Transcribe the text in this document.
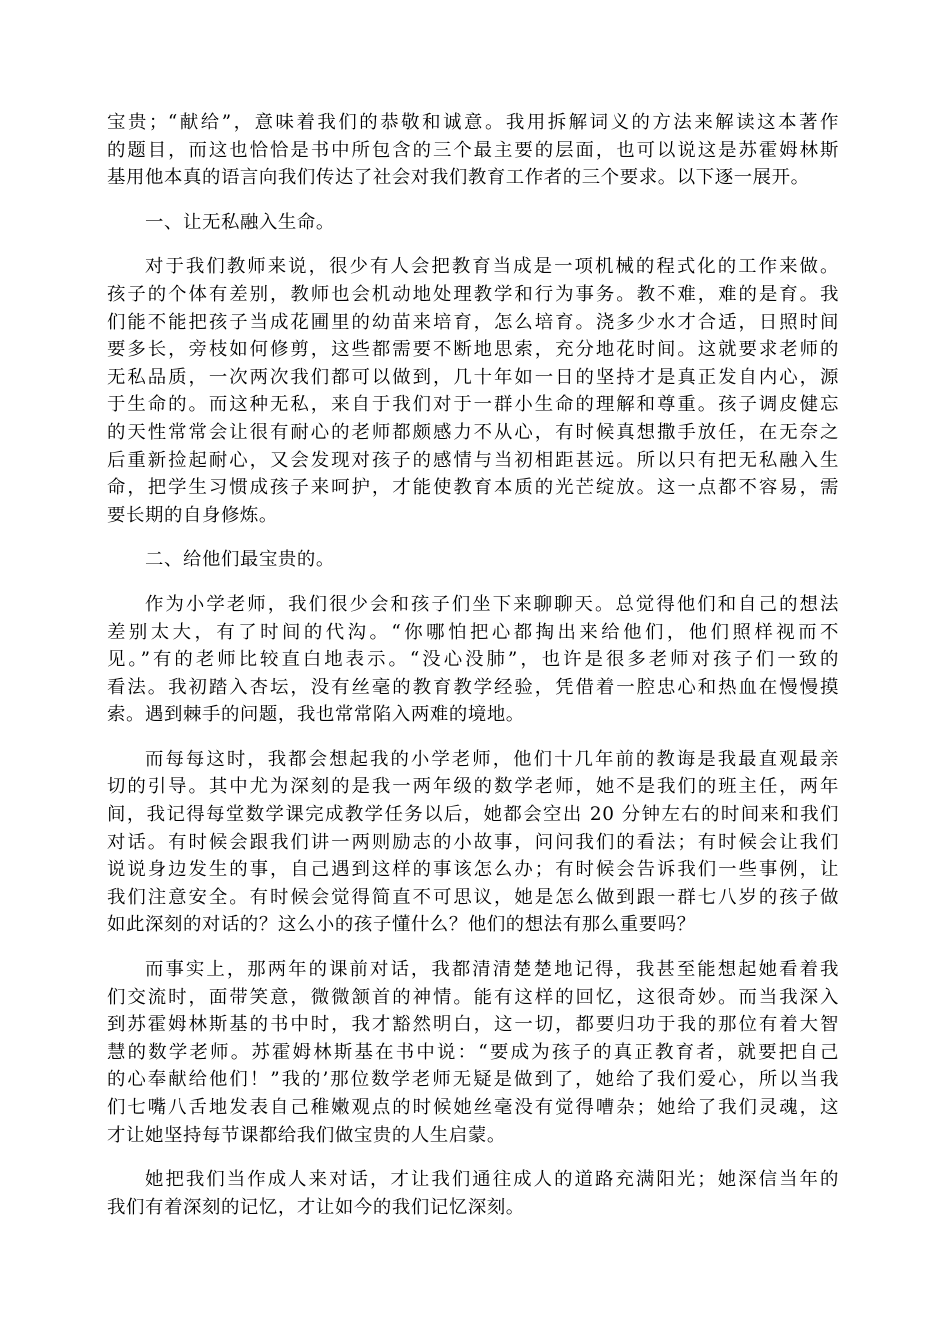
宝贵；“献给”，意味着我们的恭敬和诚意。我用拆解词义的方法来解读这本著作
的题目，而这也恰恰是书中所包含的三个最主要的层面，也可以说这是苏霍姆林斯
基用他本真的语言向我们传达了社会对我们教育工作者的三个要求。以下逐一展开。
一、让无私融入生命。
对于我们教师来说，很少有人会把教育当成是一项机械的程式化的工作来做。
孩子的个体有差别，教师也会机动地处理教学和行为事务。教不难，难的是育。我
们能不能把孩子当成花圃里的幼苗来培育，怎么培育。浇多少水才合适，日照时间
要多长，旁枝如何修剪，这些都需要不断地思索，充分地花时间。这就要求老师的
无私品质，一次两次我们都可以做到，几十年如一日的坚持才是真正发自内心，源
于生命的。而这种无私，来自于我们对于一群小生命的理解和尊重。孩子调皮健忘
的天性常常会让很有耐心的老师都颇感力不从心，有时候真想撒手放任，在无奈之
后重新捡起耐心，又会发现对孩子的感情与当初相距甚远。所以只有把无私融入生
命，把学生习惯成孩子来呵护，才能使教育本质的光芒绽放。这一点都不容易，需
要长期的自身修炼。
二、给他们最宝贵的。
作为小学老师，我们很少会和孩子们坐下来聊聊天。总觉得他们和自己的想法
差别太大，有了时间的代沟。“你哪怕把心都掏出来给他们，他们照样视而不
见。”有的老师比较直白地表示。“没心没肺”，也许是很多老师对孩子们一致的
看法。我初踏入杏坛，没有丝毫的教育教学经验，凭借着一腔忠心和热血在慢慢摸
索。遇到棘手的问题，我也常常陷入两难的境地。
而每每这时，我都会想起我的小学老师，他们十几年前的教诲是我最直观最亲
切的引导。其中尤为深刻的是我一两年级的数学老师，她不是我们的班主任，两年
间，我记得每堂数学课完成教学任务以后，她都会空出 20 分钟左右的时间来和我们
对话。有时候会跟我们讲一两则励志的小故事，问问我们的看法；有时候会让我们
说说身边发生的事，自己遇到这样的事该怎么办；有时候会告诉我们一些事例，让
我们注意安全。有时候会觉得简直不可思议，她是怎么做到跟一群七八岁的孩子做
如此深刻的对话的？这么小的孩子懂什么？他们的想法有那么重要吗？
而事实上，那两年的课前对话，我都清清楚楚地记得，我甚至能想起她看着我
们交流时，面带笑意，微微颔首的神情。能有这样的回忆，这很奇妙。而当我深入
到苏霍姆林斯基的书中时，我才豁然明白，这一切，都要归功于我的那位有着大智
慧的数学老师。苏霍姆林斯基在书中说：“要成为孩子的真正教育者，就要把自己
的心奉献给他们！”我的’那位数学老师无疑是做到了，她给了我们爱心，所以当我
们七嘴八舌地发表自己稚嫩观点的时候她丝毫没有觉得嘈杂；她给了我们灵魂，这
才让她坚持每节课都给我们做宝贵的人生启蒙。
她把我们当作成人来对话，才让我们通往成人的道路充满阳光；她深信当年的
我们有着深刻的记忆，才让如今的我们记忆深刻。
